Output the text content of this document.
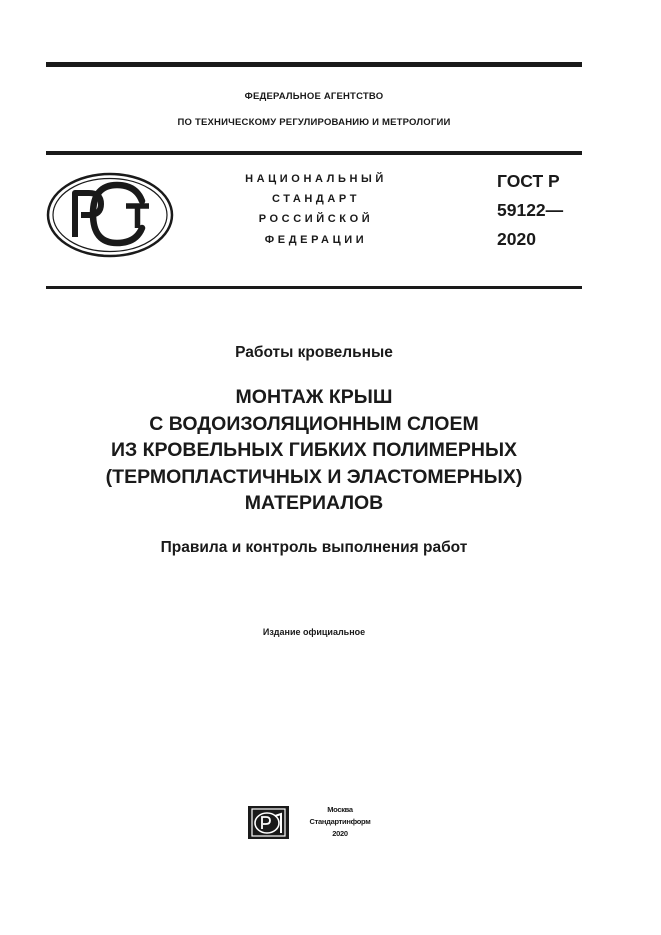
ФЕДЕРАЛЬНОЕ АГЕНТСТВО
ПО ТЕХНИЧЕСКОМУ РЕГУЛИРОВАНИЮ И МЕТРОЛОГИИ
НАЦИОНАЛЬНЫЙ
СТАНДАРТ
РОССИЙСКОЙ
ФЕДЕРАЦИИ
ГОСТ Р
59122—
2020
Работы кровельные
МОНТАЖ КРЫШ
С ВОДОИЗОЛЯЦИОННЫМ СЛОЕМ
ИЗ КРОВЕЛЬНЫХ ГИБКИХ ПОЛИМЕРНЫХ
(ТЕРМОПЛАСТИЧНЫХ И ЭЛАСТОМЕРНЫХ)
МАТЕРИАЛОВ
Правила и контроль выполнения работ
Издание официальное
Москва
Стандартинформ
2020
